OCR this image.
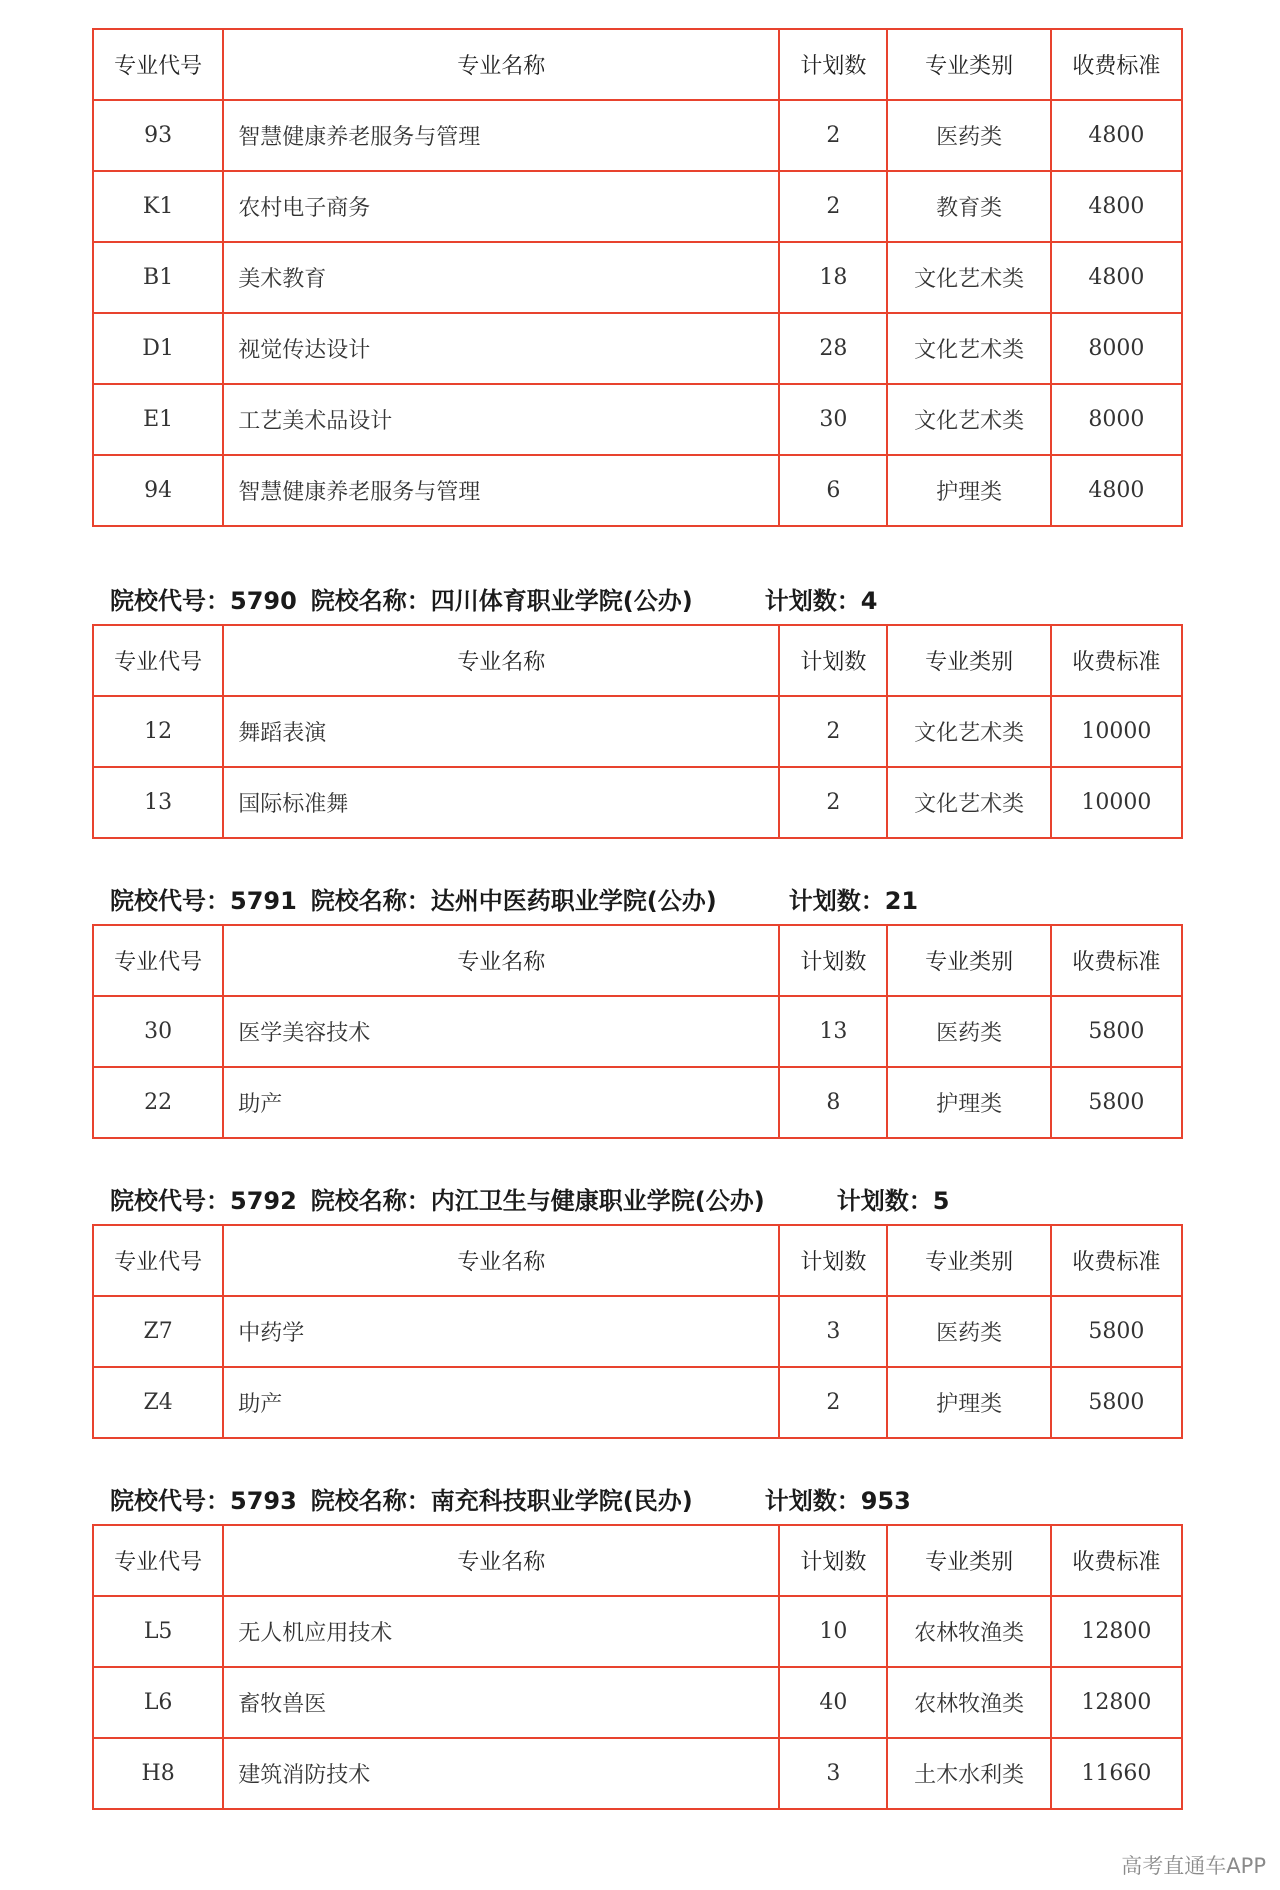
专业代号	专业名称	计划数	专业类别	收费标准
93	智慧健康养老服务与管理	2	医药类	4800
K1	农村电子商务	2	教育类	4800
B1	美术教育	18	文化艺术类	4800
D1	视觉传达设计	28	文化艺术类	8000
E1	工艺美术品设计	30	文化艺术类	8000
94	智慧健康养老服务与管理	6	护理类	4800
院校代号：5790 院校名称：四川体育职业学院(公办)	计划数：4
专业代号	专业名称	计划数	专业类别	收费标准
12	舞蹈表演	2	文化艺术类	10000
13	国际标准舞	2	文化艺术类	10000
院校代号：5791 院校名称：达州中医药职业学院(公办)	计划数：21
专业代号	专业名称	计划数	专业类别	收费标准
30	医学美容技术	13	医药类	5800
22	助产	8	护理类	5800
院校代号：5792 院校名称：内江卫生与健康职业学院(公办)	计划数：5
专业代号	专业名称	计划数	专业类别	收费标准
Z7	中药学	3	医药类	5800
Z4	助产	2	护理类	5800
院校代号：5793 院校名称：南充科技职业学院(民办)	计划数：953
专业代号	专业名称	计划数	专业类别	收费标准
L5	无人机应用技术	10	农林牧渔类	12800
L6	畜牧兽医	40	农林牧渔类	12800
H8	建筑消防技术	3	土木水利类	11660
高考直通车APP
